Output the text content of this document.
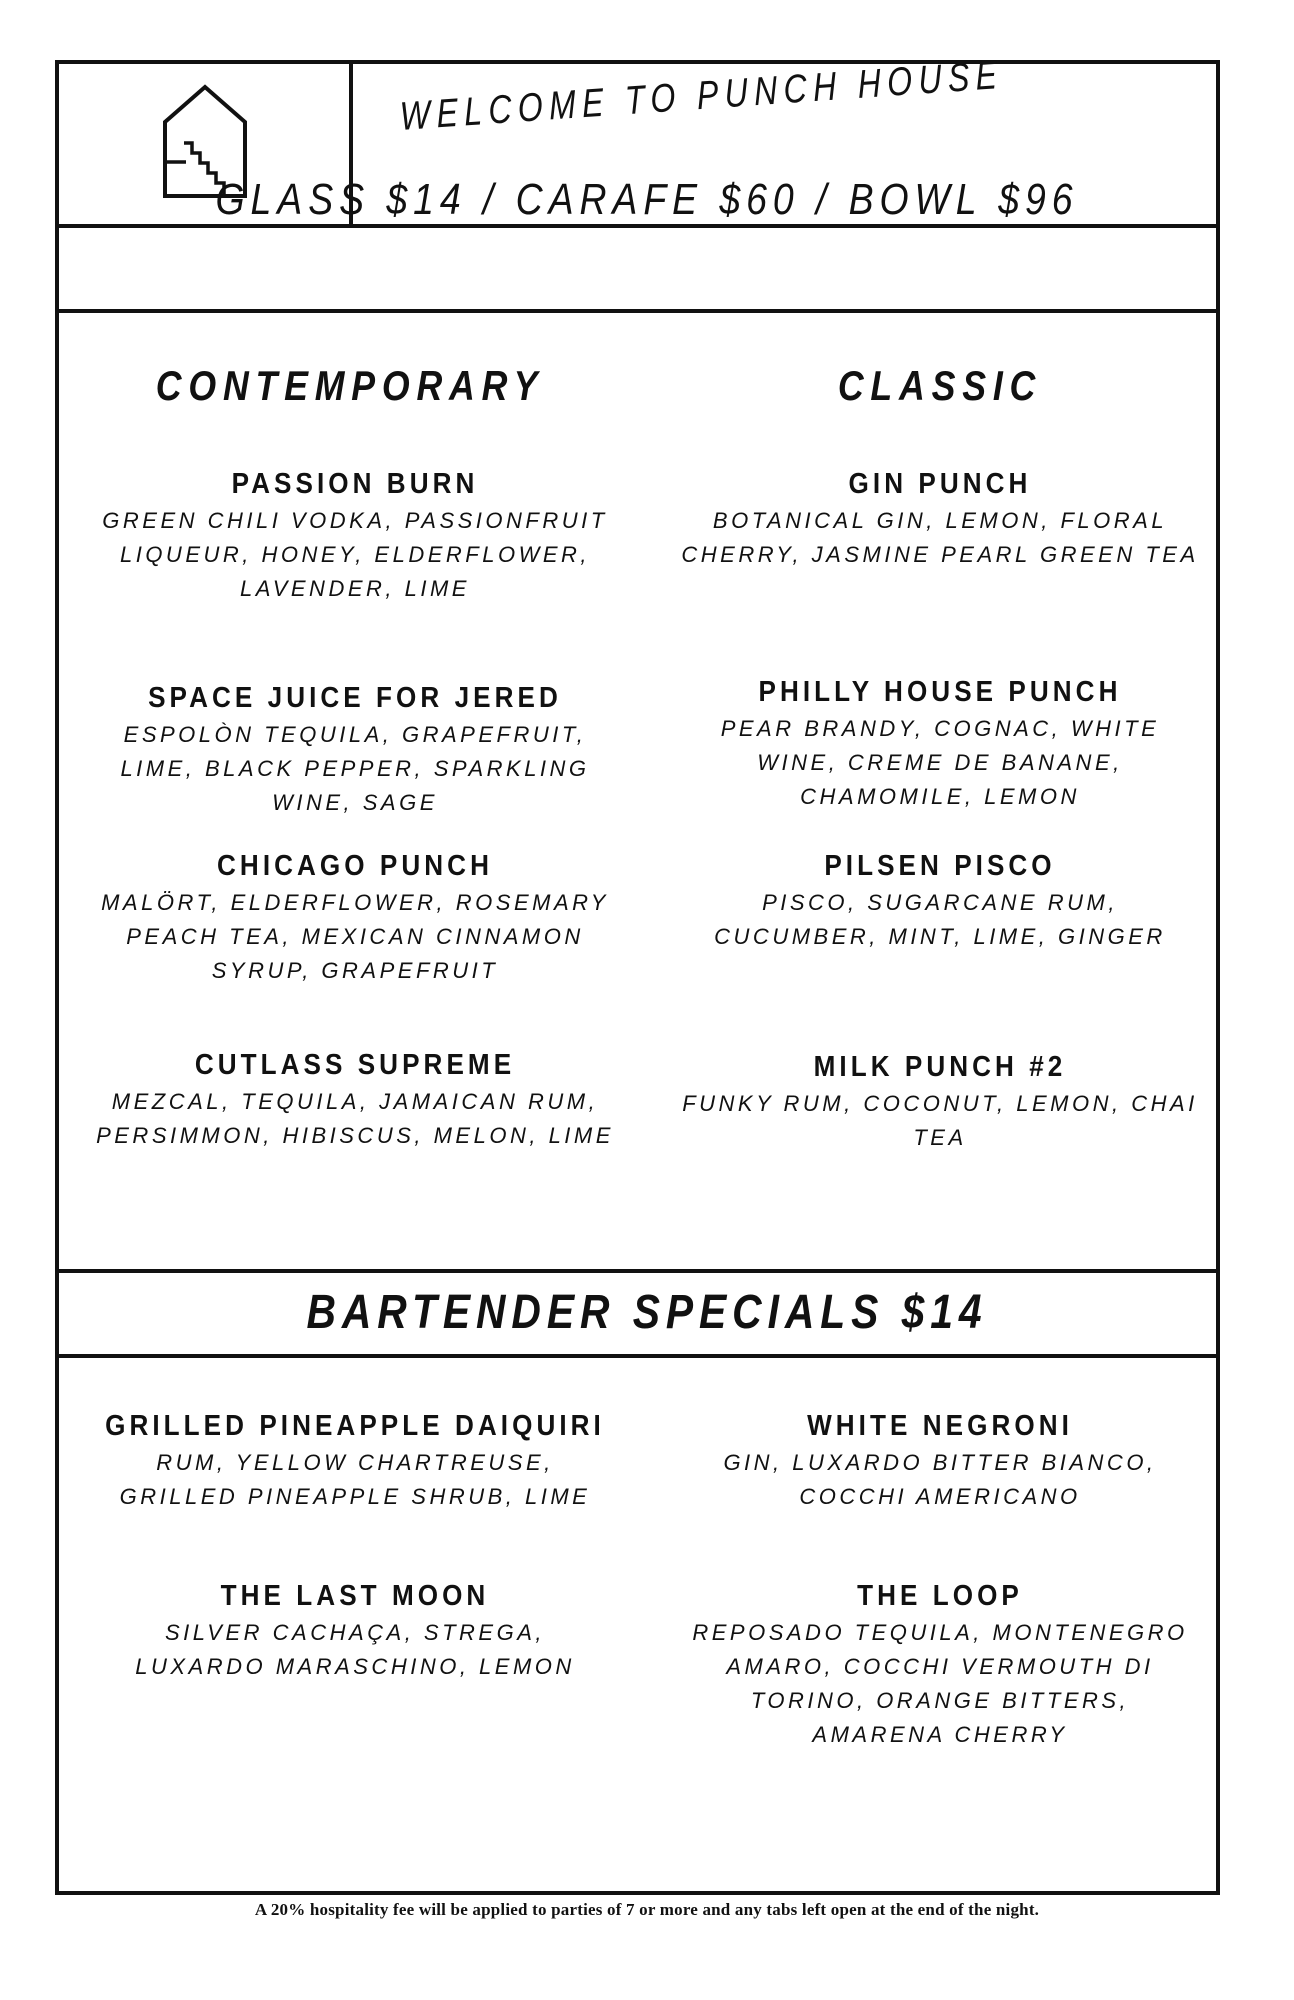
WELCOME TO PUNCH HOUSE
GLASS $14 / CARAFE $60 / BOWL $96
CONTEMPORARY	CLASSIC
PASSION BURN
GREEN CHILI VODKA, PASSIONFRUIT LIQUEUR, HONEY, ELDERFLOWER, LAVENDER, LIME
SPACE JUICE FOR JERED
ESPOLÒN TEQUILA, GRAPEFRUIT, LIME, BLACK PEPPER, SPARKLING WINE, SAGE
CHICAGO PUNCH
MALÖRT, ELDERFLOWER, ROSEMARY PEACH TEA, MEXICAN CINNAMON SYRUP, GRAPEFRUIT
CUTLASS SUPREME
MEZCAL, TEQUILA, JAMAICAN RUM, PERSIMMON, HIBISCUS, MELON, LIME
GIN PUNCH
BOTANICAL GIN, LEMON, FLORAL CHERRY, JASMINE PEARL GREEN TEA
PHILLY HOUSE PUNCH
PEAR BRANDY, COGNAC, WHITE WINE, CREME DE BANANE, CHAMOMILE, LEMON
PILSEN PISCO
PISCO, SUGARCANE RUM, CUCUMBER, MINT, LIME, GINGER
MILK PUNCH #2
FUNKY RUM, COCONUT, LEMON, CHAI TEA
BARTENDER SPECIALS $14
GRILLED PINEAPPLE DAIQUIRI
RUM, YELLOW CHARTREUSE, GRILLED PINEAPPLE SHRUB, LIME
THE LAST MOON
SILVER CACHAÇA, STREGA, LUXARDO MARASCHINO, LEMON
WHITE NEGRONI
GIN, LUXARDO BITTER BIANCO, COCCHI AMERICANO
THE LOOP
REPOSADO TEQUILA, MONTENEGRO AMARO, COCCHI VERMOUTH DI TORINO, ORANGE BITTERS, AMARENA CHERRY
A 20% hospitality fee will be applied to parties of 7 or more and any tabs left open at the end of the night.
